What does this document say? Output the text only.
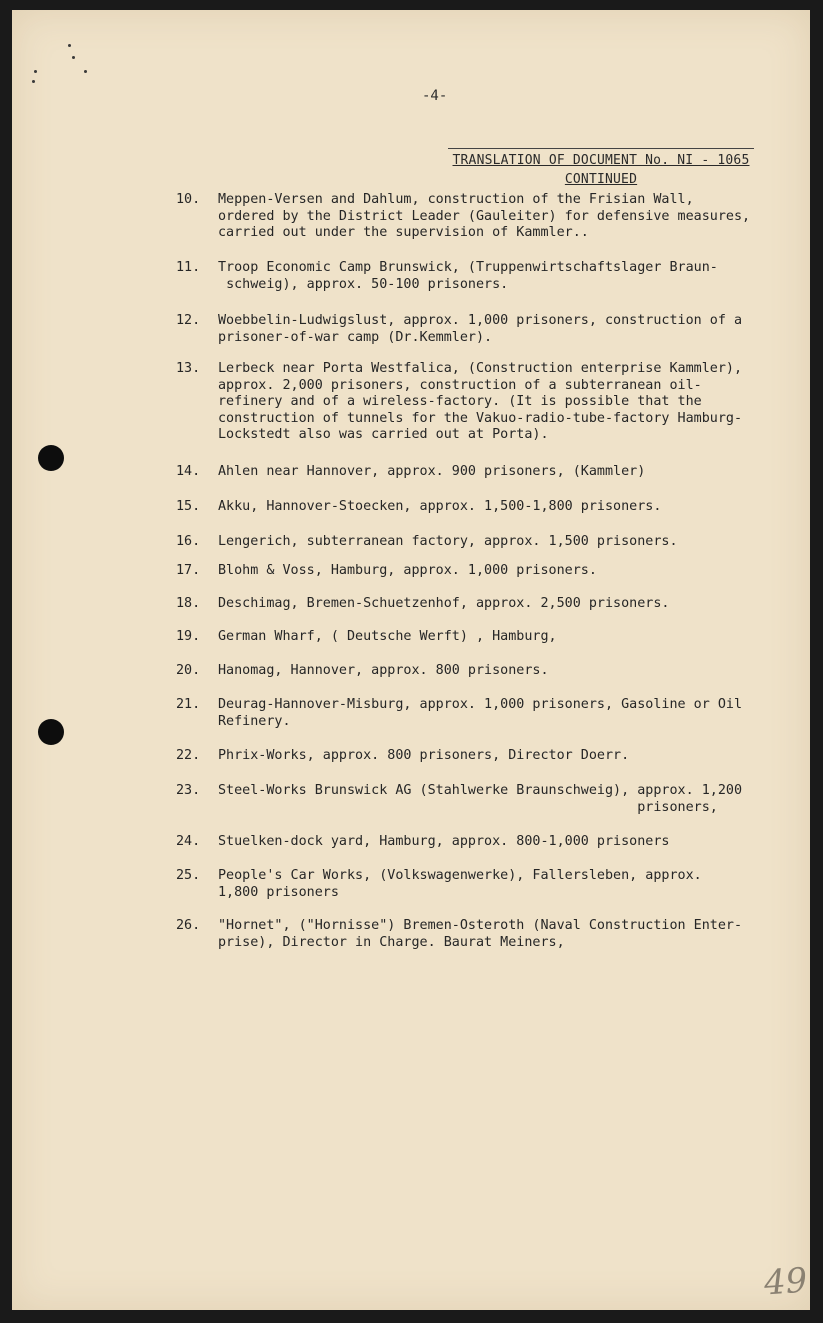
-4-
TRANSLATION OF DOCUMENT No. NI - 1065
CONTINUED
10.	Meppen-Versen and Dahlum, construction of the Frisian Wall,
ordered by the District Leader (Gauleiter) for defensive measures,
carried out under the supervision of Kammler..
11.	Troop Economic Camp Brunswick, (Truppenwirtschaftslager Braun-
schweig), approx. 50-100 prisoners.
12.	Woebbelin-Ludwigslust, approx. 1,000 prisoners, construction of a
prisoner-of-war camp (Dr.Kemmler).
13.	Lerbeck near Porta Westfalica, (Construction enterprise Kammler),
approx. 2,000 prisoners, construction of a subterranean oil-
refinery and of a wireless-factory. (It is possible that the
construction of tunnels for the Vakuo-radio-tube-factory Hamburg-
Lockstedt also was carried out at Porta).
14.	Ahlen near Hannover, approx. 900 prisoners, (Kammler)
15.	Akku, Hannover-Stoecken, approx. 1,500-1,800 prisoners.
16.	Lengerich, subterranean factory, approx. 1,500 prisoners.
17.	Blohm & Voss, Hamburg, approx. 1,000 prisoners.
18.	Deschimag, Bremen-Schuetzenhof, approx. 2,500 prisoners.
19.	German Wharf, ( Deutsche Werft) , Hamburg,
20.	Hanomag, Hannover, approx. 800 prisoners.
21.	Deurag-Hannover-Misburg, approx. 1,000 prisoners, Gasoline or Oil
Refinery.
22.	Phrix-Works, approx. 800 prisoners, Director Doerr.
23.	Steel-Works Brunswick AG (Stahlwerke Braunschweig), approx. 1,200
prisoners,
24.	Stuelken-dock yard, Hamburg, approx. 800-1,000 prisoners
25.	People's Car Works, (Volkswagenwerke), Fallersleben, approx.
1,800 prisoners
26.	"Hornet", ("Hornisse") Bremen-Osteroth (Naval Construction Enter-
prise), Director in Charge. Baurat Meiners,
49
